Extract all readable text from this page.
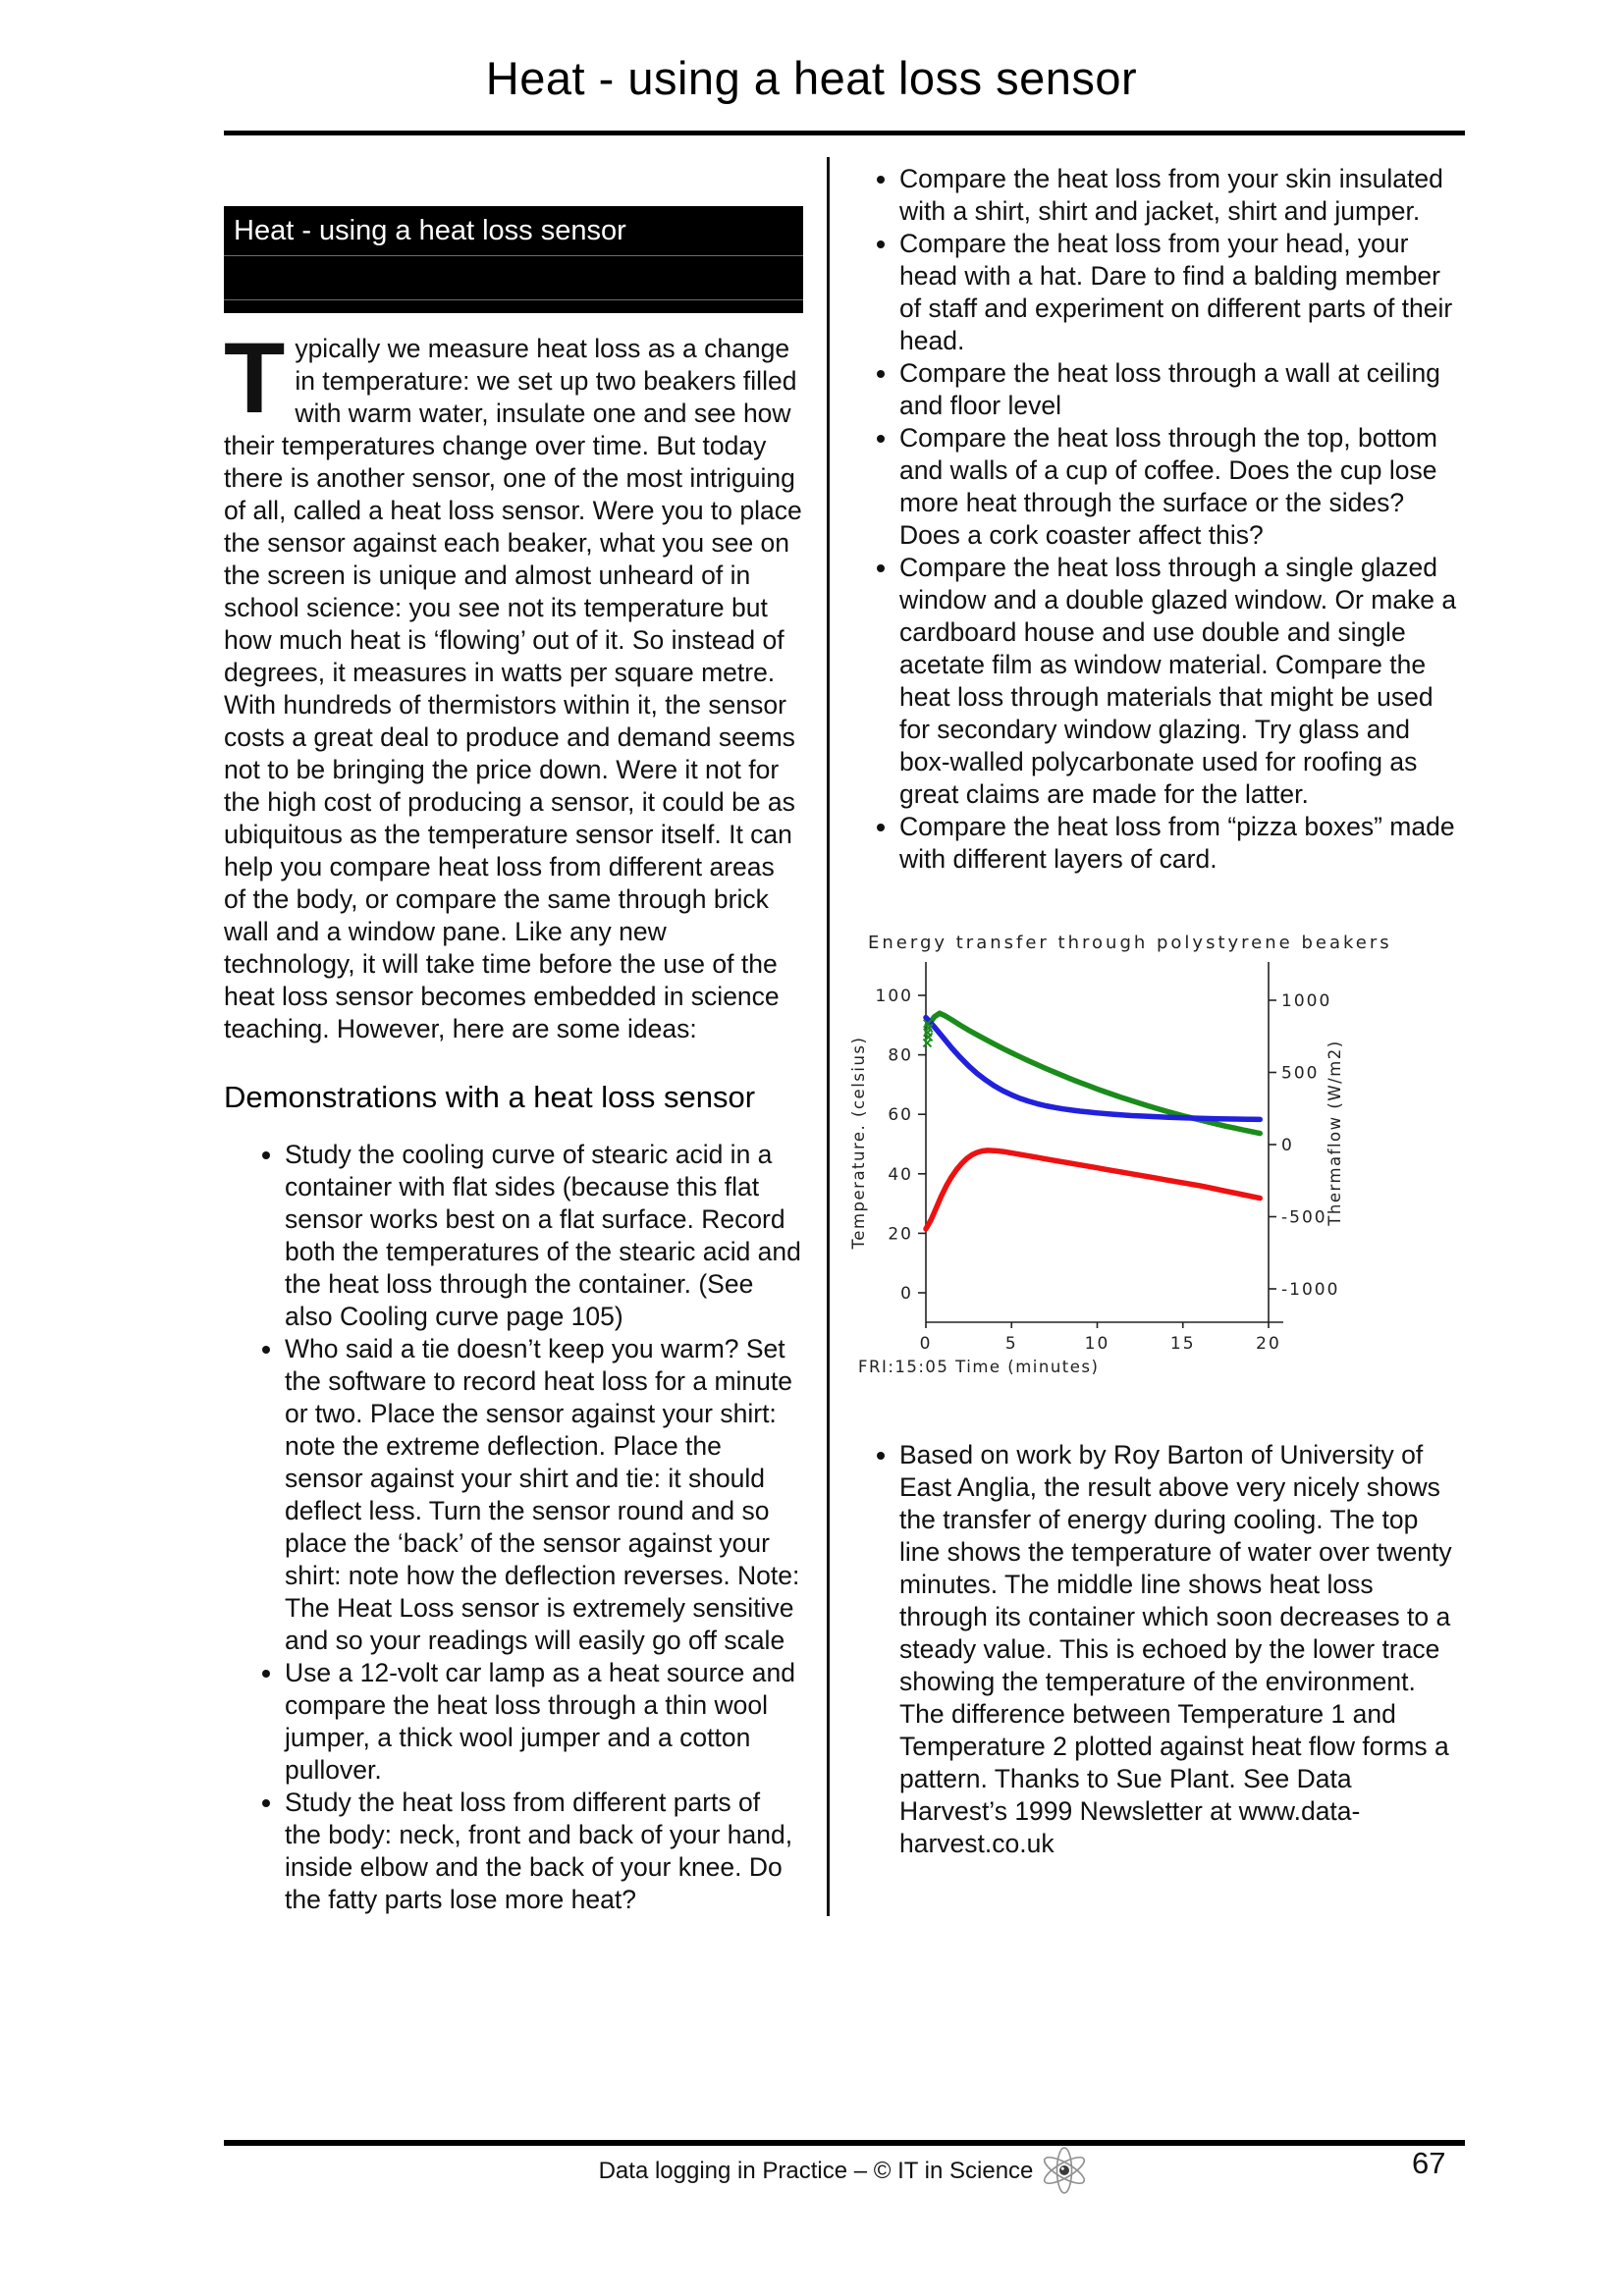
Heat - using a heat loss sensor
Heat - using a heat loss sensor

Typically we measure heat loss as a change in temperature: we set up two beakers filled with warm water, insulate one and see how their temperatures change over time. But today there is another sensor, one of the most intriguing of all, called a heat loss sensor. Were you to place the sensor against each beaker, what you see on the screen is unique and almost unheard of in school science: you see not its temperature but how much heat is ‘flowing’ out of it. So instead of degrees, it measures in watts per square metre.

With hundreds of thermistors within it, the sensor costs a great deal to produce and demand seems not to be bringing the price down. Were it not for the high cost of producing a sensor, it could be as ubiquitous as the temperature sensor itself. It can help you compare heat loss from different areas of the body, or compare the same through brick wall and a window pane. Like any new technology, it will take time before the use of the heat loss sensor becomes embedded in science teaching. However, here are some ideas:

Demonstrations with a heat loss sensor
• Study the cooling curve of stearic acid in a container with flat sides (because this flat sensor works best on a flat surface. Record both the temperatures of the stearic acid and the heat loss through the container. (See also Cooling curve page 105)
• Who said a tie doesn’t keep you warm? Set the software to record heat loss for a minute or two. Place the sensor against your shirt: note the extreme deflection. Place the sensor against your shirt and tie: it should deflect less. Turn the sensor round and so place the ‘back’ of the sensor against your shirt: note how the deflection reverses. Note: The Heat Loss sensor is extremely sensitive and so your readings will easily go off scale
• Use a 12-volt car lamp as a heat source and compare the heat loss through a thin wool jumper, a thick wool jumper and a cotton pullover.
• Study the heat loss from different parts of the body: neck, front and back of your hand, inside elbow and the back of your knee. Do the fatty parts lose more heat?
• Compare the heat loss from your skin insulated with a shirt, shirt and jacket, shirt and jumper.
• Compare the heat loss from your head, your head with a hat. Dare to find a balding member of staff and experiment on different parts of their head.
• Compare the heat loss through a wall at ceiling and floor level
• Compare the heat loss through the top, bottom and walls of a cup of coffee. Does the cup lose more heat through the surface or the sides? Does a cork coaster affect this?
• Compare the heat loss through a single glazed window and a double glazed window. Or make a cardboard house and use double and single acetate film as window material. Compare the heat loss through materials that might be used for secondary window glazing. Try glass and box-walled polycarbonate used for roofing as great claims are made for the latter.
• Compare the heat loss from “pizza boxes” made with different layers of card.
Energy transfer through polystyrene beakers
Temperature. (celsius)	Thermaflow (W/m2)
FRI:15:05 Time (minutes)
0
20
40
60
80
100
-1000
-500
0
500
1000
0	5	10	15	20
• Based on work by Roy Barton of University of East Anglia, the result above very nicely shows the transfer of energy during cooling. The top line shows the temperature of water over twenty minutes. The middle line shows heat loss through its container which soon decreases to a steady value. This is echoed by the lower trace showing the temperature of the environment. The difference between Temperature 1 and Temperature 2 plotted against heat flow forms a pattern. Thanks to Sue Plant. See Data Harvest’s 1999 Newsletter at www.data-harvest.co.uk
Data logging in Practice – © IT in Science	67
